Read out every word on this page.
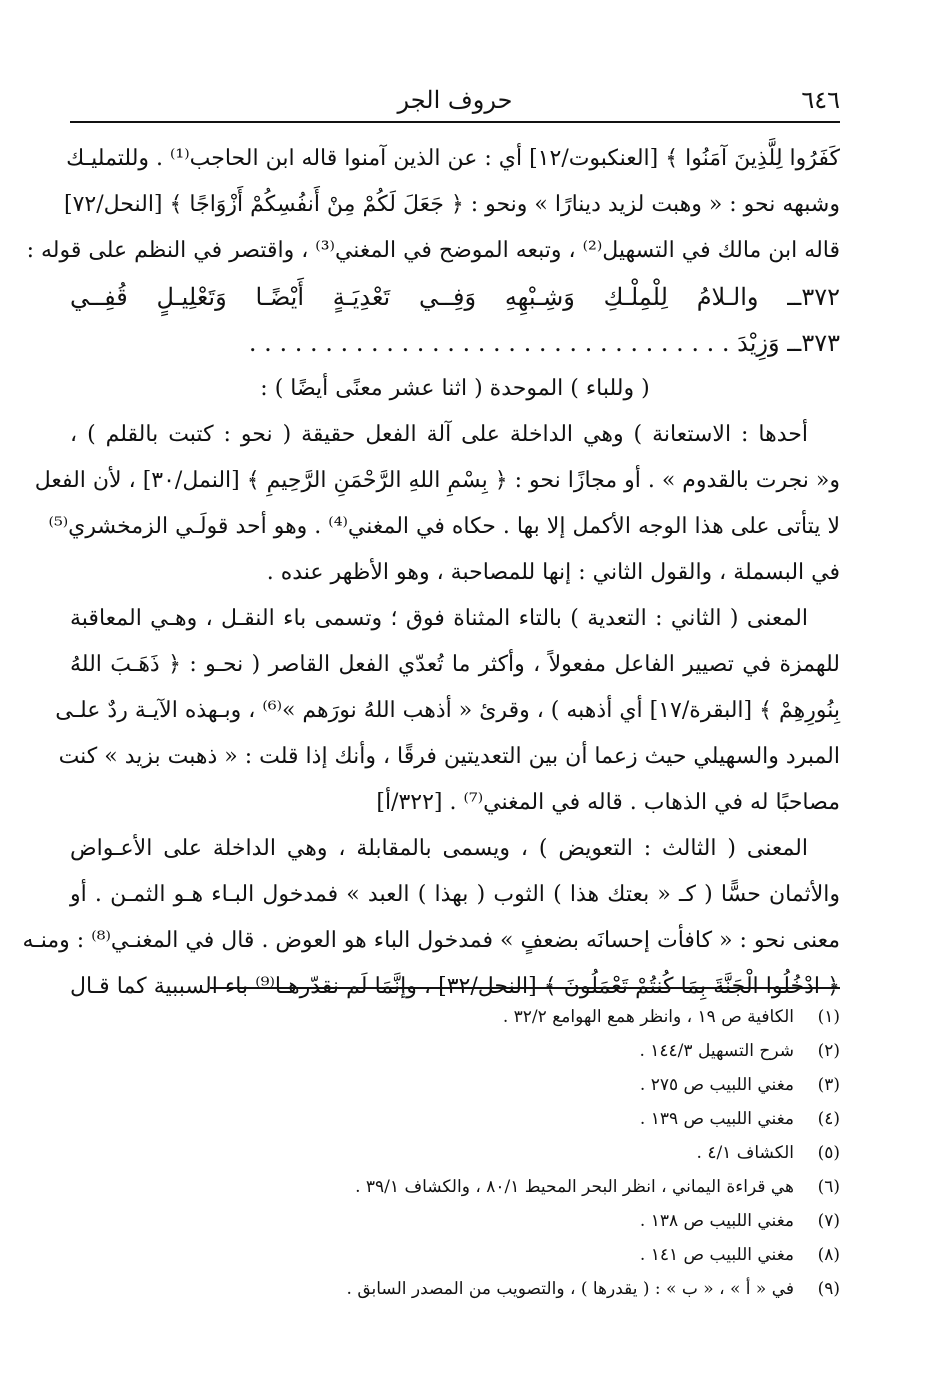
٦٤٦
حروف الجر
كَفَرُوا لِلَّذِينَ آمَنُوا ﴾ [العنكبوت/١٢] أي : عن الذين آمنوا قاله ابن الحاجب⁽¹⁾ . وللتمليـك
وشبهه نحو : « وهبت لزيد دينارًا » ونحو : ﴿ جَعَلَ لَكُمْ مِنْ أَنفُسِكُمْ أَزْوَاجًا ﴾ [النحل/٧٢]
قاله ابن مالك في التسهيل⁽²⁾ ، وتبعه الموضح في المغني⁽³⁾ ، واقتصر في النظم على قوله :
٣٧٢ــ والـلامُ لِلْمِلْـكِ وَشِـبْهِهِ وَفِــي تَعْدِيَـةٍ أَيْضًـا وَتَعْلِيـلٍ قُفِــي
٣٧٣ــ وَزِيْدَ . . . . . . . . . . . . . . . . . . . . . . . . . . . . . . . .
( وللباء ) الموحدة ( اثنا عشر معنًى أيضًا ) :
أحدها : الاستعانة ) وهي الداخلة على آلة الفعل حقيقة ( نحو : كتبت بالقلم ) ،
و« نجرت بالقدوم » . أو مجازًا نحو : ﴿ بِسْمِ اللهِ الرَّحْمَنِ الرَّحِيمِ ﴾ [النمل/٣٠] ، لأن الفعل
لا يتأتى على هذا الوجه الأكمل إلا بها . حكاه في المغني⁽⁴⁾ . وهو أحد قولَـي الزمخشري⁽⁵⁾
في البسملة ، والقول الثاني : إنها للمصاحبة ، وهو الأظهر عنده .
المعنى ( الثاني : التعدية ) بالتاء المثناة فوق ؛ وتسمى باء النقـل ، وهـي المعاقبة
للهمزة في تصيير الفاعل مفعولاً ، وأكثر ما تُعدّي الفعل القاصر ( نحـو : ﴿ ذَهَـبَ اللهُ
بِنُورِهِمْ ﴾ [البقرة/١٧] أي أذهبه ) ، وقرئ « أذهب اللهُ نورَهم »⁽⁶⁾ ، وبـهذه الآيـة ردٌ علـى
المبرد والسهيلي حيث زعما أن بين التعديتين فرقًا ، وأنك إذا قلت : « ذهبت بزيد » كنت
مصاحبًا له في الذهاب . قاله في المغني⁽⁷⁾ . [٣٢٢/أ]
المعنى ( الثالث : التعويض ) ، ويسمى بالمقابلة ، وهي الداخلة على الأعـواض
والأثمان حسًّا ( كـ « بعتك هذا ) الثوب ( بهذا ) العبد » فمدخول البـاء هـو الثمـن . أو
معنى نحو : « كافأت إحسانَه بضعفٍ » فمدخول الباء هو العوض . قال في المغنـي⁽⁸⁾ : ومنـه
﴿ ادْخُلُوا الْجَنَّةَ بِمَا كُنتُمْ تَعْمَلُونَ ﴾ [النحل/٣٢] ، وإنَّمَا لَم نقدّرهـا⁽⁹⁾ باء السببية كما قـال
(١)الكافية ص ١٩ ، وانظر همع الهوامع ٣٢/٢ .
(٢)شرح التسهيل ١٤٤/٣ .
(٣)مغني اللبيب ص ٢٧٥ .
(٤)مغني اللبيب ص ١٣٩ .
(٥)الكشاف ٤/١ .
(٦)هي قراءة اليماني ، انظر البحر المحيط ٨٠/١ ، والكشاف ٣٩/١ .
(٧)مغني اللبيب ص ١٣٨ .
(٨)مغني اللبيب ص ١٤١ .
(٩)في « أ » ، « ب » : ( يقدرها ) ، والتصويب من المصدر السابق .
